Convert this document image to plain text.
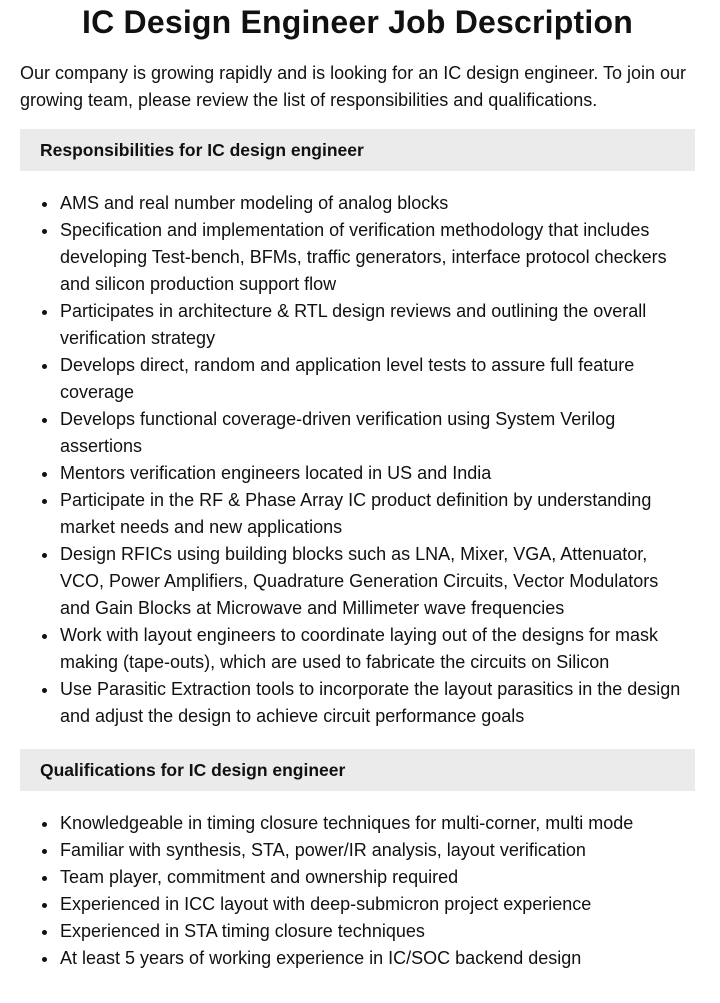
IC Design Engineer Job Description

Our company is growing rapidly and is looking for an IC design engineer. To join our growing team, please review the list of responsibilities and qualifications.

Responsibilities for IC design engineer
AMS and real number modeling of analog blocks
Specification and implementation of verification methodology that includes developing Test-bench, BFMs, traffic generators, interface protocol checkers and silicon production support flow
Participates in architecture & RTL design reviews and outlining the overall verification strategy
Develops direct, random and application level tests to assure full feature coverage
Develops functional coverage-driven verification using System Verilog assertions
Mentors verification engineers located in US and India
Participate in the RF & Phase Array IC product definition by understanding market needs and new applications
Design RFICs using building blocks such as LNA, Mixer, VGA, Attenuator, VCO, Power Amplifiers, Quadrature Generation Circuits, Vector Modulators and Gain Blocks at Microwave and Millimeter wave frequencies
Work with layout engineers to coordinate laying out of the designs for mask making (tape-outs), which are used to fabricate the circuits on Silicon
Use Parasitic Extraction tools to incorporate the layout parasitics in the design and adjust the design to achieve circuit performance goals
Qualifications for IC design engineer
Knowledgeable in timing closure techniques for multi-corner, multi mode
Familiar with synthesis, STA, power/IR analysis, layout verification
Team player, commitment and ownership required
Experienced in ICC layout with deep-submicron project experience
Experienced in STA timing closure techniques
At least 5 years of working experience in IC/SOC backend design
